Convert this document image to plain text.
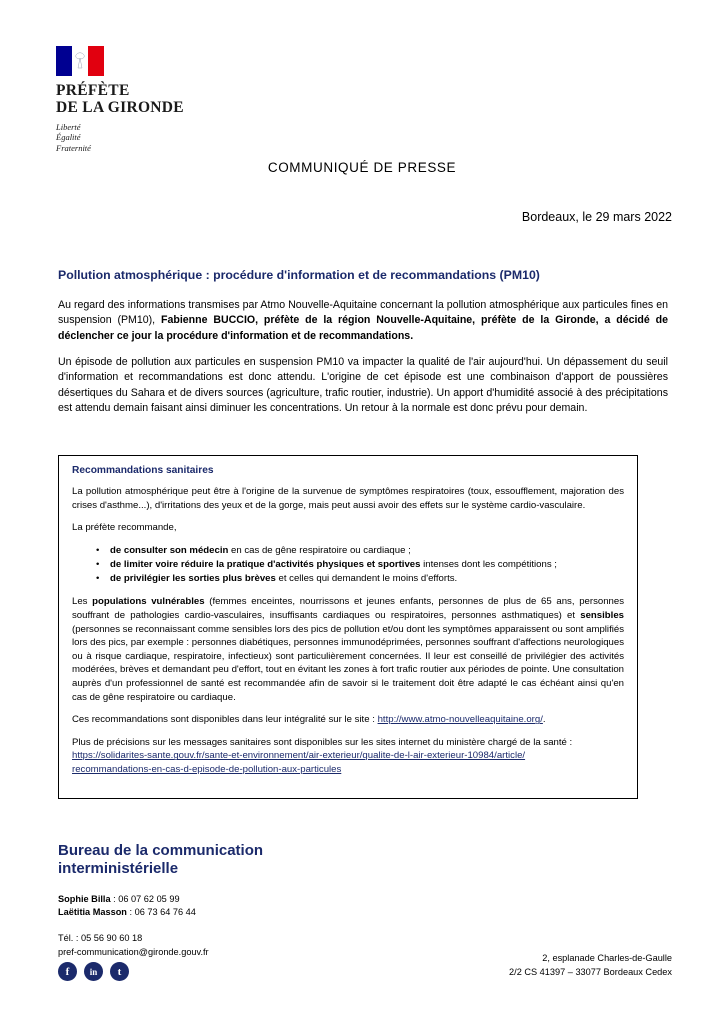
PRÉFÈTE
DE LA GIRONDE
Liberté
Égalité
Fraternité
COMMUNIQUÉ DE PRESSE
Bordeaux, le 29 mars 2022
Pollution atmosphérique : procédure d'information et de recommandations (PM10)

Au regard des informations transmises par Atmo Nouvelle-Aquitaine concernant la pollution atmosphérique aux particules fines en suspension (PM10), Fabienne BUCCIO, préfète de la région Nouvelle-Aquitaine, préfète de la Gironde, a décidé de déclencher ce jour la procédure d'information et de recommandations.

Un épisode de pollution aux particules en suspension PM10 va impacter la qualité de l'air aujourd'hui. Un dépassement du seuil d'information et recommandations est donc attendu. L'origine de cet épisode est une combinaison d'apport de poussières désertiques du Sahara et de divers sources (agriculture, trafic routier, industrie). Un apport d'humidité associé à des précipitations est attendu demain faisant ainsi diminuer les concentrations. Un retour à la normale est donc prévu pour demain.

Recommandations sanitaires

La pollution atmosphérique peut être à l'origine de la survenue de symptômes respiratoires (toux, essoufflement, majoration des crises d'asthme...), d'irritations des yeux et de la gorge, mais peut aussi avoir des effets sur le système cardio-vasculaire.

La préfète recommande,

• de consulter son médecin en cas de gêne respiratoire ou cardiaque ;
• de limiter voire réduire la pratique d'activités physiques et sportives intenses dont les compétitions ;
• de privilégier les sorties plus brèves et celles qui demandent le moins d'efforts.

Les populations vulnérables (femmes enceintes, nourrissons et jeunes enfants, personnes de plus de 65 ans, personnes souffrant de pathologies cardio-vasculaires, insuffisants cardiaques ou respiratoires, personnes asthmatiques) et sensibles (personnes se reconnaissant comme sensibles lors des pics de pollution et/ou dont les symptômes apparaissent ou sont amplifiés lors des pics, par exemple : personnes diabétiques, personnes immunodéprimées, personnes souffrant d'affections neurologiques ou à risque cardiaque, respiratoire, infectieux) sont particulièrement concernées. Il leur est conseillé de privilégier des activités modérées, brèves et demandant peu d'effort, tout en évitant les zones à fort trafic routier aux périodes de pointe. Une consultation auprès d'un professionnel de santé est recommandée afin de savoir si le traitement doit être adapté le cas échéant ainsi qu'en cas de gêne respiratoire ou cardiaque.

Ces recommandations sont disponibles dans leur intégralité sur le site : http://www.atmo-nouvelleaquitaine.org/.

Plus de précisions sur les messages sanitaires sont disponibles sur les sites internet du ministère chargé de la santé :
https://solidarites-sante.gouv.fr/sante-et-environnement/air-exterieur/qualite-de-l-air-exterieur-10984/article/
recommandations-en-cas-d-episode-de-pollution-aux-particules

Bureau de la communication
interministérielle
Sophie Billa : 06 07 62 05 99
Laëtitia Masson : 06 73 64 76 44
Tél. : 05 56 90 60 18
pref-communication@gironde.gouv.fr
f	in	t
2, esplanade Charles-de-Gaulle
2/2 CS 41397 – 33077 Bordeaux Cedex
